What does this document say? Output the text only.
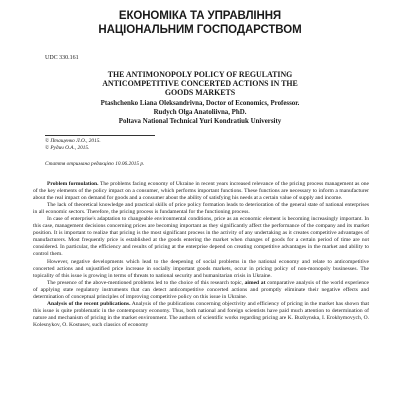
ЕКОНОМІКА ТА УПРАВЛІННЯ
НАЦІОНАЛЬНИМ ГОСПОДАРСТВОМ
UDC 330.161
THE ANTIMONOPOLY POLICY OF REGULATING
ANTICOMPETITIVE CONCERTED ACTIONS IN THE
GOODS MARKETS
Ptashchenko Liana Oleksandrivna, Doctor of Economics, Professor.
Rudych Olga Anatoliivna, PhD.
Poltava National Technical Yuri Kondratiuk University
© Птащенко Л.О., 2015.
© Рудич О.А., 2015.
Стаття отримана редакцією 10.06.2015 р.

Problem formulation. The problems facing economy of Ukraine in recent years increased relevance of the pricing process management as one of the key elements of the policy impact on a consumer, which performs important functions. These functions are necessary to inform a manufacturer about the real impact on demand for goods and a consumer about the ability of satisfying his needs at a certain value of supply and income.

The lack of theoretical knowledge and practical skills of price policy formation leads to deterioration of the general state of national enterprises in all economic sectors. Therefore, the pricing process is fundamental for the functioning process.

In case of enterprise's adaptation to changeable environmental conditions, price as an economic element is becoming increasingly important. In this case, management decisions concerning prices are becoming important as they significantly affect the performance of the company and its market position. It is important to realize that pricing is the most significant process in the activity of any undertaking as it creates competitive advantages of manufacturers. Most frequently price is established at the goods entering the market when changes of goods for a certain period of time are not considered. In particular, the efficiency and results of pricing at the enterprise depend on creating competitive advantages in the market and ability to control them.

However, negative developments which lead to the deepening of social problems in the national economy and relate to anticompetitive concerted actions and unjustified price increase in socially important goods markets, occur in pricing policy of non-monopoly businesses. The topicality of this issue is growing in terms of threats to national security and humanitarian crisis in Ukraine.

The presence of the above-mentioned problems led to the choice of this research topic, aimed at comparative analysis of the world experience of applying state regulatory instruments that can detect anticompetitive concerted actions and promptly eliminate their negative effects and determination of conceptual principles of improving competitive policy on this issue in Ukraine.

Analysis of the recent publications. Analysis of the publications concerning objectivity and efficiency of pricing in the market has shown that this issue is quite problematic in the contemporary economy. Thus, both national and foreign scientists have paid much attention to determination of nature and mechanism of pricing in the market environment. The authors of scientific works regarding pricing are K. Buzhynska, I. Erokhymovych, O. Kolesnykov, O. Kostusev, such classics of economy
